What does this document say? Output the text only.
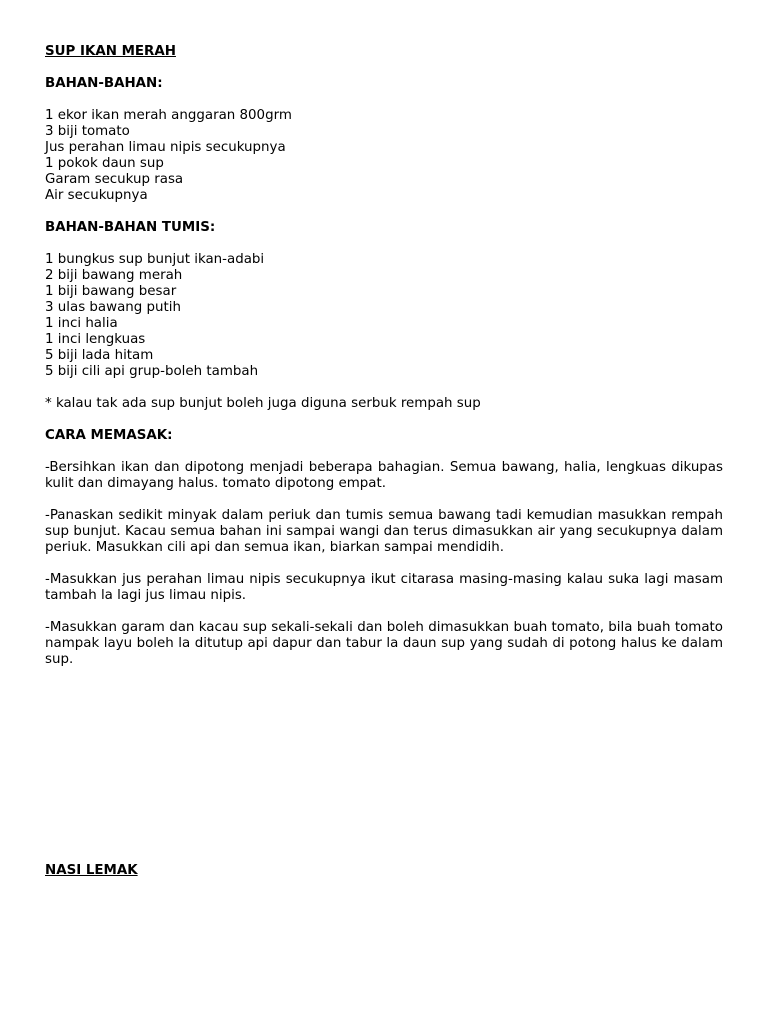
SUP IKAN MERAH
BAHAN-BAHAN:
1 ekor ikan merah anggaran 800grm
3 biji tomato
Jus perahan limau nipis secukupnya
1 pokok daun sup
Garam secukup rasa
Air secukupnya
BAHAN-BAHAN TUMIS:
1 bungkus sup bunjut ikan-adabi
2 biji bawang merah
1 biji bawang besar
3 ulas bawang putih
1 inci halia
1 inci lengkuas
5 biji lada hitam
5 biji cili api grup-boleh tambah
* kalau tak ada sup bunjut boleh juga diguna serbuk rempah sup
CARA MEMASAK:
-Bersihkan ikan dan dipotong menjadi beberapa bahagian. Semua bawang, halia, lengkuas dikupas kulit dan dimayang halus. tomato dipotong empat.
-Panaskan sedikit minyak dalam periuk dan tumis semua bawang tadi kemudian masukkan rempah sup bunjut. Kacau semua bahan ini sampai wangi dan terus dimasukkan air yang secukupnya dalam periuk. Masukkan cili api dan semua ikan, biarkan sampai mendidih.
-Masukkan jus perahan limau nipis secukupnya ikut citarasa masing-masing kalau suka lagi masam tambah la lagi jus limau nipis.
-Masukkan garam dan kacau sup sekali-sekali dan boleh dimasukkan buah tomato, bila buah tomato nampak layu boleh la ditutup api dapur dan tabur la daun sup yang sudah di potong halus ke dalam sup.
NASI LEMAK
